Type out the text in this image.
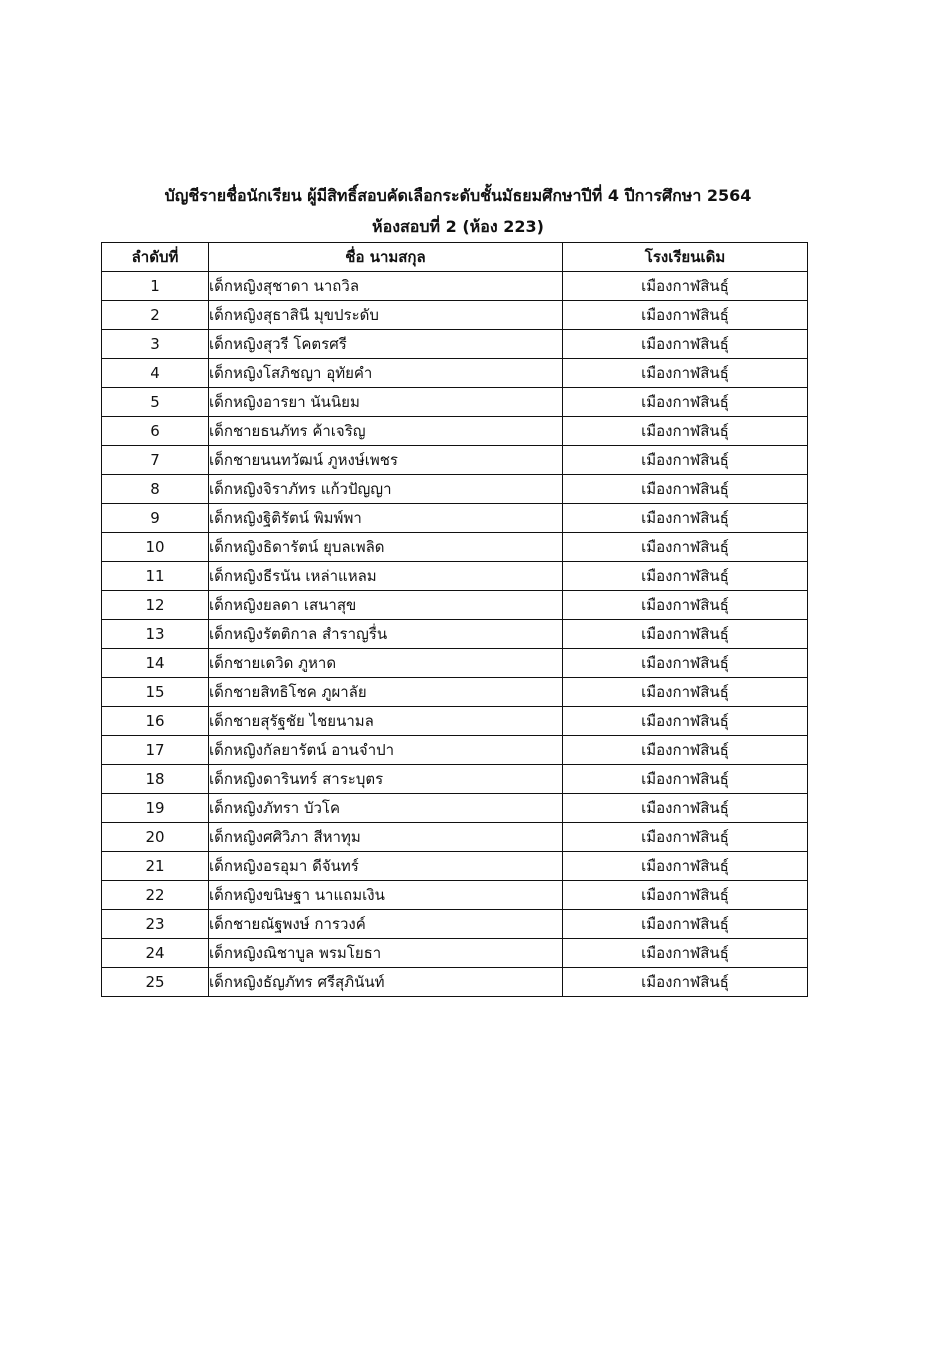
บัญชีรายชื่อนักเรียน ผู้มีสิทธิ์สอบคัดเลือกระดับชั้นมัธยมศึกษาปีที่ 4 ปีการศึกษา 2564
ห้องสอบที่ 2 (ห้อง 223)
ลำดับที่	ชื่อ นามสกุล	โรงเรียนเดิม
1	เด็กหญิงสุชาดา นาถวิล	เมืองกาฬสินธุ์
2	เด็กหญิงสุธาสินี มุขประดับ	เมืองกาฬสินธุ์
3	เด็กหญิงสุวรี โคตรศรี	เมืองกาฬสินธุ์
4	เด็กหญิงโสภิชญา อุทัยคำ	เมืองกาฬสินธุ์
5	เด็กหญิงอารยา นันนิยม	เมืองกาฬสินธุ์
6	เด็กชายธนภัทร ค้าเจริญ	เมืองกาฬสินธุ์
7	เด็กชายนนทวัฒน์ ภูหงษ์เพชร	เมืองกาฬสินธุ์
8	เด็กหญิงจิราภัทร แก้วปัญญา	เมืองกาฬสินธุ์
9	เด็กหญิงฐิติรัตน์ พิมพ์พา	เมืองกาฬสินธุ์
10	เด็กหญิงธิดารัตน์ ยุบลเพลิด	เมืองกาฬสินธุ์
11	เด็กหญิงธีรนัน เหล่าแหลม	เมืองกาฬสินธุ์
12	เด็กหญิงยลดา เสนาสุข	เมืองกาฬสินธุ์
13	เด็กหญิงรัตติกาล สำราญรื่น	เมืองกาฬสินธุ์
14	เด็กชายเดวิด ภูหาด	เมืองกาฬสินธุ์
15	เด็กชายสิทธิโชค ภูผาลัย	เมืองกาฬสินธุ์
16	เด็กชายสุรัฐชัย ไชยนามล	เมืองกาฬสินธุ์
17	เด็กหญิงกัลยารัตน์ อานจำปา	เมืองกาฬสินธุ์
18	เด็กหญิงดารินทร์ สาระบุตร	เมืองกาฬสินธุ์
19	เด็กหญิงภัทรา บัวโค	เมืองกาฬสินธุ์
20	เด็กหญิงศศิวิภา สีหาทุม	เมืองกาฬสินธุ์
21	เด็กหญิงอรอุมา ดีจันทร์	เมืองกาฬสินธุ์
22	เด็กหญิงขนิษฐา นาแถมเงิน	เมืองกาฬสินธุ์
23	เด็กชายณัฐพงษ์ การวงค์	เมืองกาฬสินธุ์
24	เด็กหญิงณิชาบูล พรมโยธา	เมืองกาฬสินธุ์
25	เด็กหญิงธัญภัทร ศรีสุภินันท์	เมืองกาฬสินธุ์
